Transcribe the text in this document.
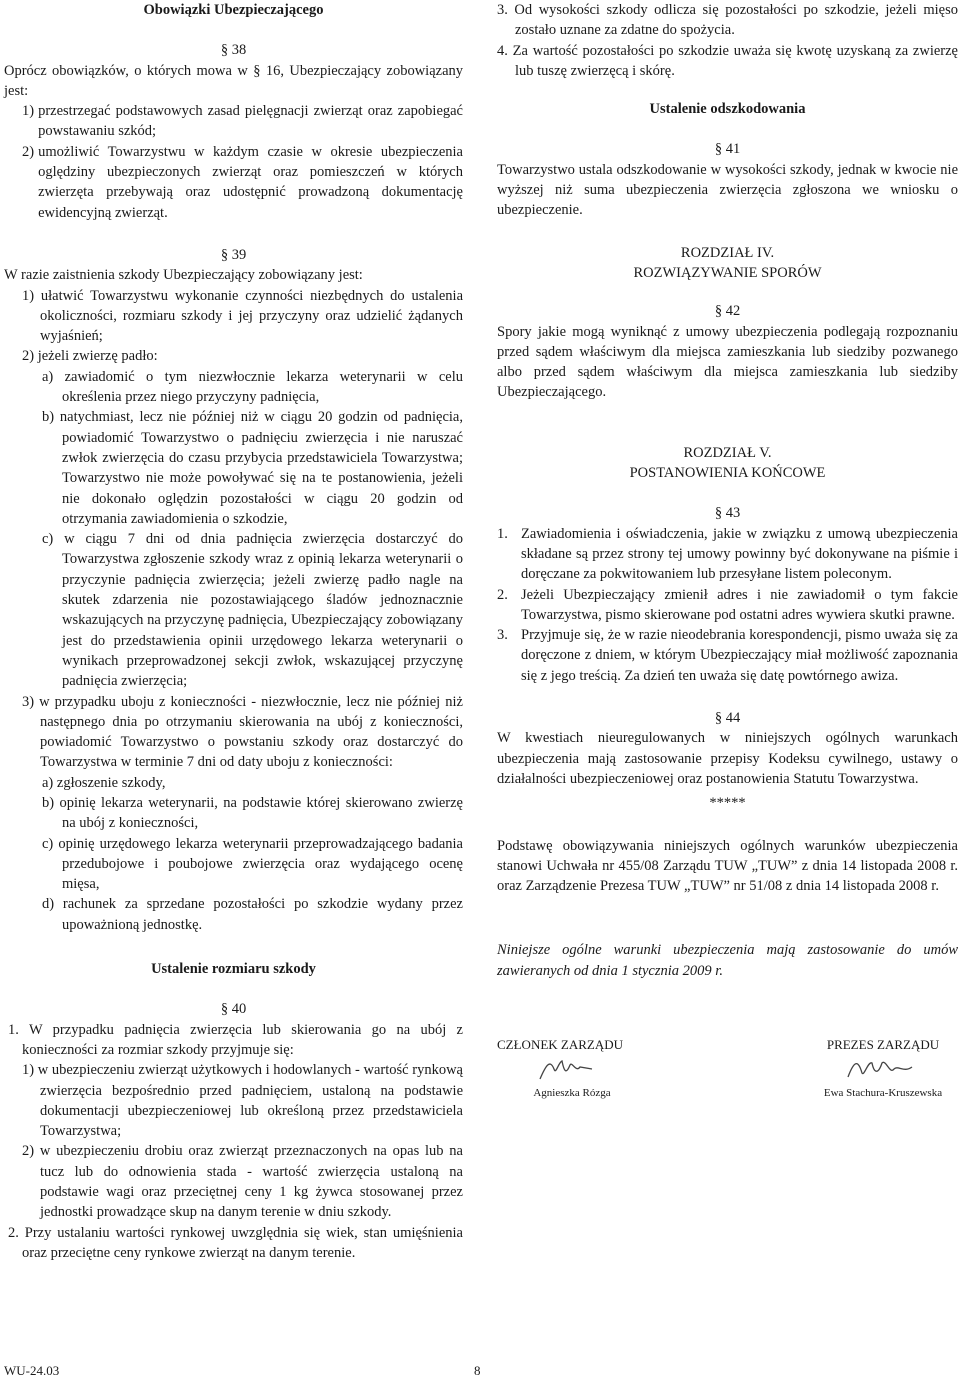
Obowiązki Ubezpieczającego

§ 38

Oprócz obowiązków, o których mowa w § 16, Ubezpieczający zobowiązany jest:

1) przestrzegać podstawowych zasad pielęgnacji zwierząt oraz zapobiegać powstawaniu szkód;
2) umożliwić Towarzystwu w każdym czasie w okresie ubezpieczenia oględziny ubezpieczonych zwierząt oraz pomieszczeń w których zwierzęta przebywają oraz udostępnić prowadzoną dokumentację ewidencyjną zwierząt.

§ 39

W razie zaistnienia szkody Ubezpieczający zobowiązany jest:

1) ułatwić Towarzystwu wykonanie czynności niezbędnych do ustalenia okoliczności, rozmiaru szkody i jej przyczyny oraz udzielić żądanych wyjaśnień;

2) jeżeli zwierzę padło:

a) zawiadomić o tym niezwłocznie lekarza weterynarii w celu określenia przez niego przyczyny padnięcia,

b) natychmiast, lecz nie później niż w ciągu 20 godzin od padnięcia, powiadomić Towarzystwo o padnięciu zwierzęcia i nie naruszać zwłok zwierzęcia do czasu przybycia przedstawiciela Towarzystwa; Towarzystwo nie może powoływać się na te postanowienia, jeżeli nie dokonało oględzin pozostałości w ciągu 20 godzin od otrzymania zawiadomienia o szkodzie,

c) w ciągu 7 dni od dnia padnięcia zwierzęcia dostarczyć do Towarzystwa zgłoszenie szkody wraz z opinią lekarza weterynarii o przyczynie padnięcia zwierzęcia; jeżeli zwierzę padło nagle na skutek zdarzenia nie pozostawiającego śladów jednoznacznie wskazujących na przyczynę padnięcia, Ubezpieczający zobowiązany jest do przedstawienia opinii urzędowego lekarza weterynarii o wynikach przeprowadzonej sekcji zwłok, wskazującej przyczynę padnięcia zwierzęcia;

3) w przypadku uboju z konieczności - niezwłocznie, lecz nie później niż następnego dnia po otrzymaniu skierowania na ubój z konieczności, powiadomić Towarzystwo o powstaniu szkody oraz dostarczyć do Towarzystwa w terminie 7 dni od daty uboju z konieczności:

a) zgłoszenie szkody,

b) opinię lekarza weterynarii, na podstawie której skierowano zwierzę na ubój z konieczności,

c) opinię urzędowego lekarza weterynarii przeprowadzającego badania przedubojowe i poubojowe zwierzęcia oraz wydającego ocenę mięsa,

d) rachunek za sprzedane pozostałości po szkodzie wydany przez upoważnioną jednostkę.

Ustalenie rozmiaru szkody

§ 40

1. W przypadku padnięcia zwierzęcia lub skierowania go na ubój z konieczności za rozmiar szkody przyjmuje się:

1) w ubezpieczeniu zwierząt użytkowych i hodowlanych - wartość rynkową zwierzęcia bezpośrednio przed padnięciem, ustaloną na podstawie dokumentacji ubezpieczeniowej lub określoną przez przedstawiciela Towarzystwa;

2) w ubezpieczeniu drobiu oraz zwierząt przeznaczonych na opas lub na tucz lub do odnowienia stada - wartość zwierzęcia ustaloną na podstawie wagi oraz przeciętnej ceny 1 kg żywca stosowanej przez jednostki prowadzące skup na danym terenie w dniu szkody.

2. Przy ustalaniu wartości rynkowej uwzględnia się wiek, stan umięśnienia oraz przeciętne ceny rynkowe zwierząt na danym terenie.

3. Od wysokości szkody odlicza się pozostałości po szkodzie, jeżeli mięso zostało uznane za zdatne do spożycia.

4. Za wartość pozostałości po szkodzie uważa się kwotę uzyskaną za zwierzę lub tuszę zwierzęcą i skórę.

Ustalenie odszkodowania

§ 41

Towarzystwo ustala odszkodowanie w wysokości szkody, jednak w kwocie nie wyższej niż suma ubezpieczenia zwierzęcia zgłoszona we wniosku o ubezpieczenie.

ROZDZIAŁ IV.

ROZWIĄZYWANIE SPORÓW

§ 42

Spory jakie mogą wyniknąć z umowy ubezpieczenia podlegają rozpoznaniu przed sądem właściwym dla miejsca zamieszkania lub siedziby pozwanego albo przed sądem właściwym dla miejsca zamieszkania lub siedziby Ubezpieczającego.

ROZDZIAŁ V.

POSTANOWIENIA KOŃCOWE

§ 43

1. Zawiadomienia i oświadczenia, jakie w związku z umową ubezpieczenia składane są przez strony tej umowy powinny być dokonywane na piśmie i doręczane za pokwitowaniem lub przesyłane listem poleconym.
2. Jeżeli Ubezpieczający zmienił adres i nie zawiadomił o tym fakcie Towarzystwa, pismo skierowane pod ostatni adres wywiera skutki prawne.
3. Przyjmuje się, że w razie nieodebrania korespondencji, pismo uważa się za doręczone z dniem, w którym Ubezpieczający miał możliwość zapoznania się z jego treścią. Za dzień ten uważa się datę powtórnego awiza.

§ 44

W kwestiach nieuregulowanych w niniejszych ogólnych warunkach ubezpieczenia mają zastosowanie przepisy Kodeksu cywilnego, ustawy o działalności ubezpieczeniowej oraz postanowienia Statutu Towarzystwa.

*****

Podstawę obowiązywania niniejszych ogólnych warunków ubezpieczenia stanowi Uchwała nr 455/08 Zarządu TUW „TUW” z dnia 14 listopada 2008 r. oraz Zarządzenie Prezesa TUW „TUW” nr 51/08 z dnia 14 listopada 2008 r.

Niniejsze ogólne warunki ubezpieczenia mają zastosowanie do umów zawieranych od dnia 1 stycznia 2009 r.

CZŁONEK ZARZĄDU
Agnieszka Rózga
PREZES ZARZĄDU
Ewa Stachura-Kruszewska
WU-24.03	8
